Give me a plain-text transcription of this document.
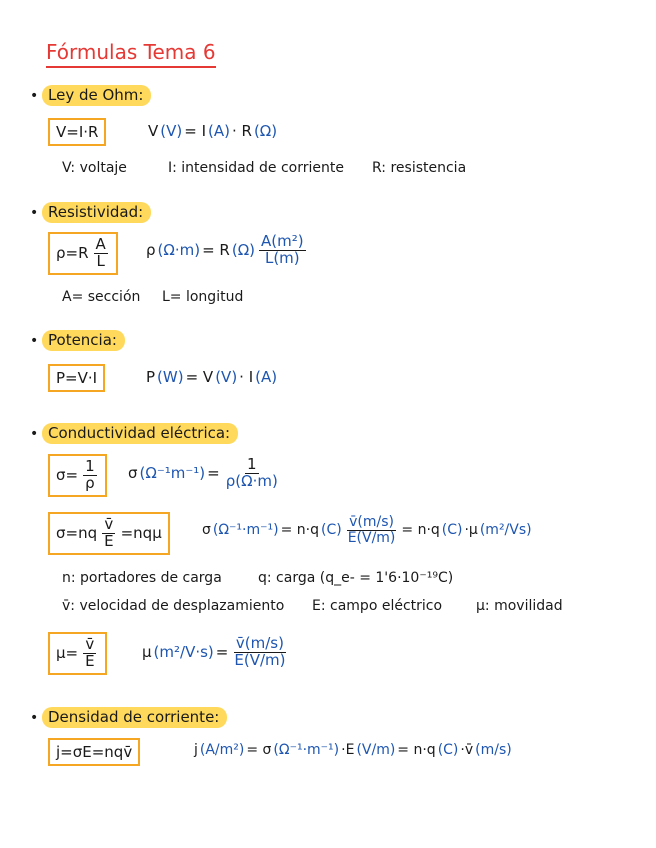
Fórmulas Tema 6
• Ley de Ohm:
V=I·R	V (V) = I (A) · R (Ω)
V: voltaje	I: intensidad de corriente R: resistencia
• Resistividad:
$\rho=R \frac{A}{L}$	ρ (Ω·m) = R $(\Omega) \frac{\text{A(m²)}}{L(m)}$
A= sección L= longitud
• Potencia:
P=V·I	P (W) = V (V) · I (A)
• Conductividad eléctrica:
$\sigma= \frac{1}{\rho}$ σ $(\Omega^{-1}m^{-1}) = \frac{1}{\rho(\Omega\cdot m)}$
$\sigma=nq \frac{v̄}{E} =nq\mu$	σ (Ω⁻¹·m⁻¹) = n·q $(C) \frac{v̄(m/s)}{E(V/m)} = n\cdot q$ (C) ·μ (m²/Vs)
n: portadores de carga	q: carga (q_e- = 1'6·10⁻¹⁹C)
v̄: velocidad de desplazamiento E: campo eléctrico μ: movilidad
$\mu= \frac{v̄}{E}$	μ $(m^2/V\cdot s) = \frac{v̄(m/s)}{E(V/m)}$
• Densidad de corriente:
j=σE=nqv̄	j (A/m²) = σ (Ω⁻¹·m⁻¹) ·E (V/m) = n·q (C) ·v̄ (m/s)
